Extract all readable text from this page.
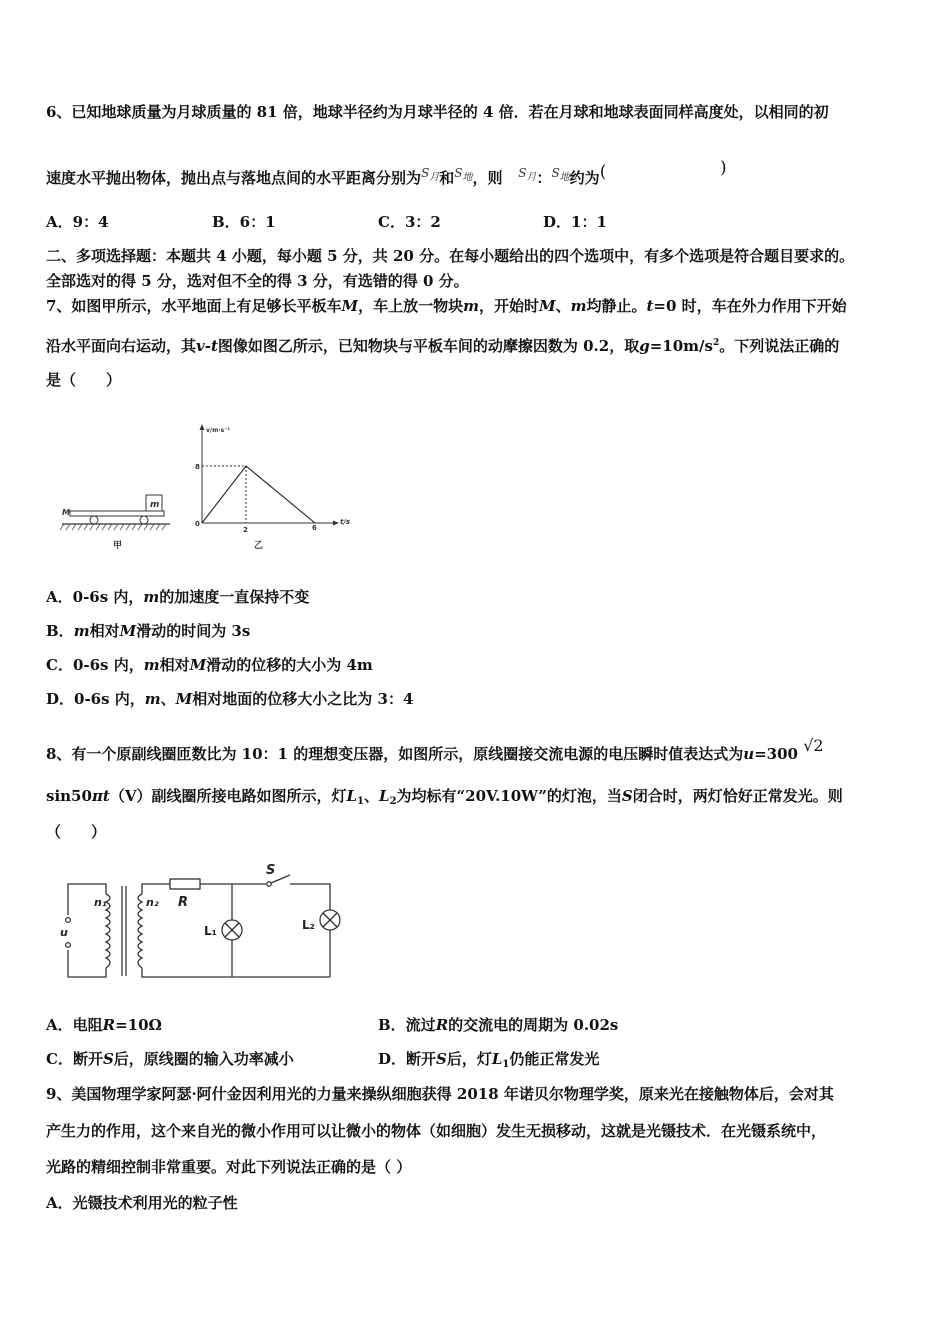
6、已知地球质量为月球质量的 81 倍，地球半径约为月球半径的 4 倍．若在月球和地球表面同样高度处，以相同的初
速度水平抛出物体，抛出点与落地点间的水平距离分别为$^{S_月}$和$^{S_地}$，则 $^{S_月}$：$^{S_地}$约为(	)
A．9：4	B．6：1	C．3：2	D．1：1
二、多项选择题：本题共 4 小题，每小题 5 分，共 20 分。在每小题给出的四个选项中，有多个选项是符合题目要求的。
全部选对的得 5 分，选对但不全的得 3 分，有选错的得 0 分。
7、如图甲所示，水平地面上有足够长平板车M，车上放一物块m，开始时M、m均静止。t=0 时，车在外力作用下开始
沿水平面向右运动，其v-t图像如图乙所示，已知物块与平板车间的动摩擦因数为 0.2，取$g=10m/s^2$。下列说法正确的
是（　　）
m
M
甲
v/m·s⁻¹
t/s
0
8
2	6
乙
A．0-6s 内，m的加速度一直保持不变
B．m相对M滑动的时间为 3s
C．0-6s 内，m相对M滑动的位移的大小为 4m
D．0-6s 内，m、M相对地面的位移大小之比为 3：4
8、有一个原副线圈匝数比为 10：1 的理想变压器，如图所示，原线圈接交流电源的电压瞬时值表达式为u=300 √2
sin50πt（V）副线圈所接电路如图所示，灯$L_1$、$L_2$为均标有“20V.10W”的灯泡，当S闭合时，两灯恰好正常发光。则
（　　）
n₁	n₂
u
R
S
L₁	L₂
A．电阻R=10Ω	B．流过R的交流电的周期为 0.02s
C．断开S后，原线圈的输入功率减小	D．断开S后，灯$L_1$仍能正常发光
9、美国物理学家阿瑟·阿什金因利用光的力量来操纵细胞获得 2018 年诺贝尔物理学奖，原来光在接触物体后，会对其
产生力的作用，这个来自光的微小作用可以让微小的物体（如细胞）发生无损移动，这就是光镊技术．在光镊系统中，
光路的精细控制非常重要。对此下列说法正确的是（ ）
A．光镊技术利用光的粒子性
